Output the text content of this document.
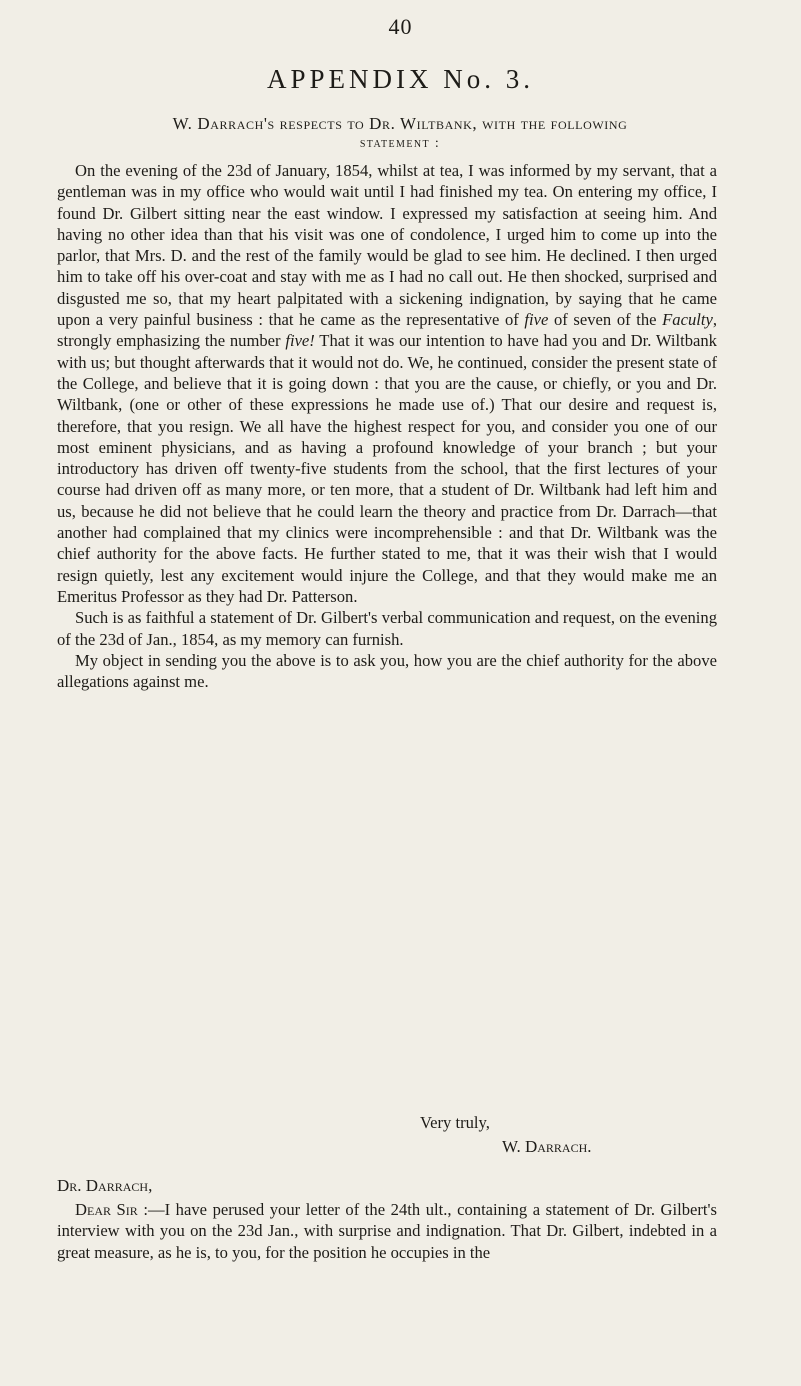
40
APPENDIX No. 3.
W. Darrach's respects to Dr. Wiltbank, with the following
statement :

On the evening of the 23d of January, 1854, whilst at tea, I was informed by my servant, that a gentleman was in my office who would wait until I had finished my tea. On entering my office, I found Dr. Gilbert sitting near the east window. I expressed my satisfaction at seeing him. And having no other idea than that his visit was one of condolence, I urged him to come up into the parlor, that Mrs. D. and the rest of the family would be glad to see him. He declined. I then urged him to take off his over-coat and stay with me as I had no call out. He then shocked, surprised and disgusted me so, that my heart palpitated with a sickening indignation, by saying that he came upon a very painful business : that he came as the representative of five of seven of the Faculty, strongly emphasizing the number five! That it was our intention to have had you and Dr. Wiltbank with us; but thought afterwards that it would not do. We, he continued, consider the present state of the College, and believe that it is going down : that you are the cause, or chiefly, or you and Dr. Wiltbank, (one or other of these expressions he made use of.) That our desire and request is, therefore, that you resign. We all have the highest respect for you, and consider you one of our most eminent physicians, and as having a profound knowledge of your branch ; but your introductory has driven off twenty-five students from the school, that the first lectures of your course had driven off as many more, or ten more, that a student of Dr. Wiltbank had left him and us, because he did not believe that he could learn the theory and practice from Dr. Darrach—that another had complained that my clinics were incomprehensible : and that Dr. Wiltbank was the chief authority for the above facts. He further stated to me, that it was their wish that I would resign quietly, lest any excitement would injure the College, and that they would make me an Emeritus Professor as they had Dr. Patterson.

Such is as faithful a statement of Dr. Gilbert's verbal communication and request, on the evening of the 23d of Jan., 1854, as my memory can furnish.

My object in sending you the above is to ask you, how you are the chief authority for the above allegations against me.

Very truly,
W. Darrach.
Dr. Darrach,

Dear Sir :—I have perused your letter of the 24th ult., containing a statement of Dr. Gilbert's interview with you on the 23d Jan., with surprise and indignation. That Dr. Gilbert, indebted in a great measure, as he is, to you, for the position he occupies in the
